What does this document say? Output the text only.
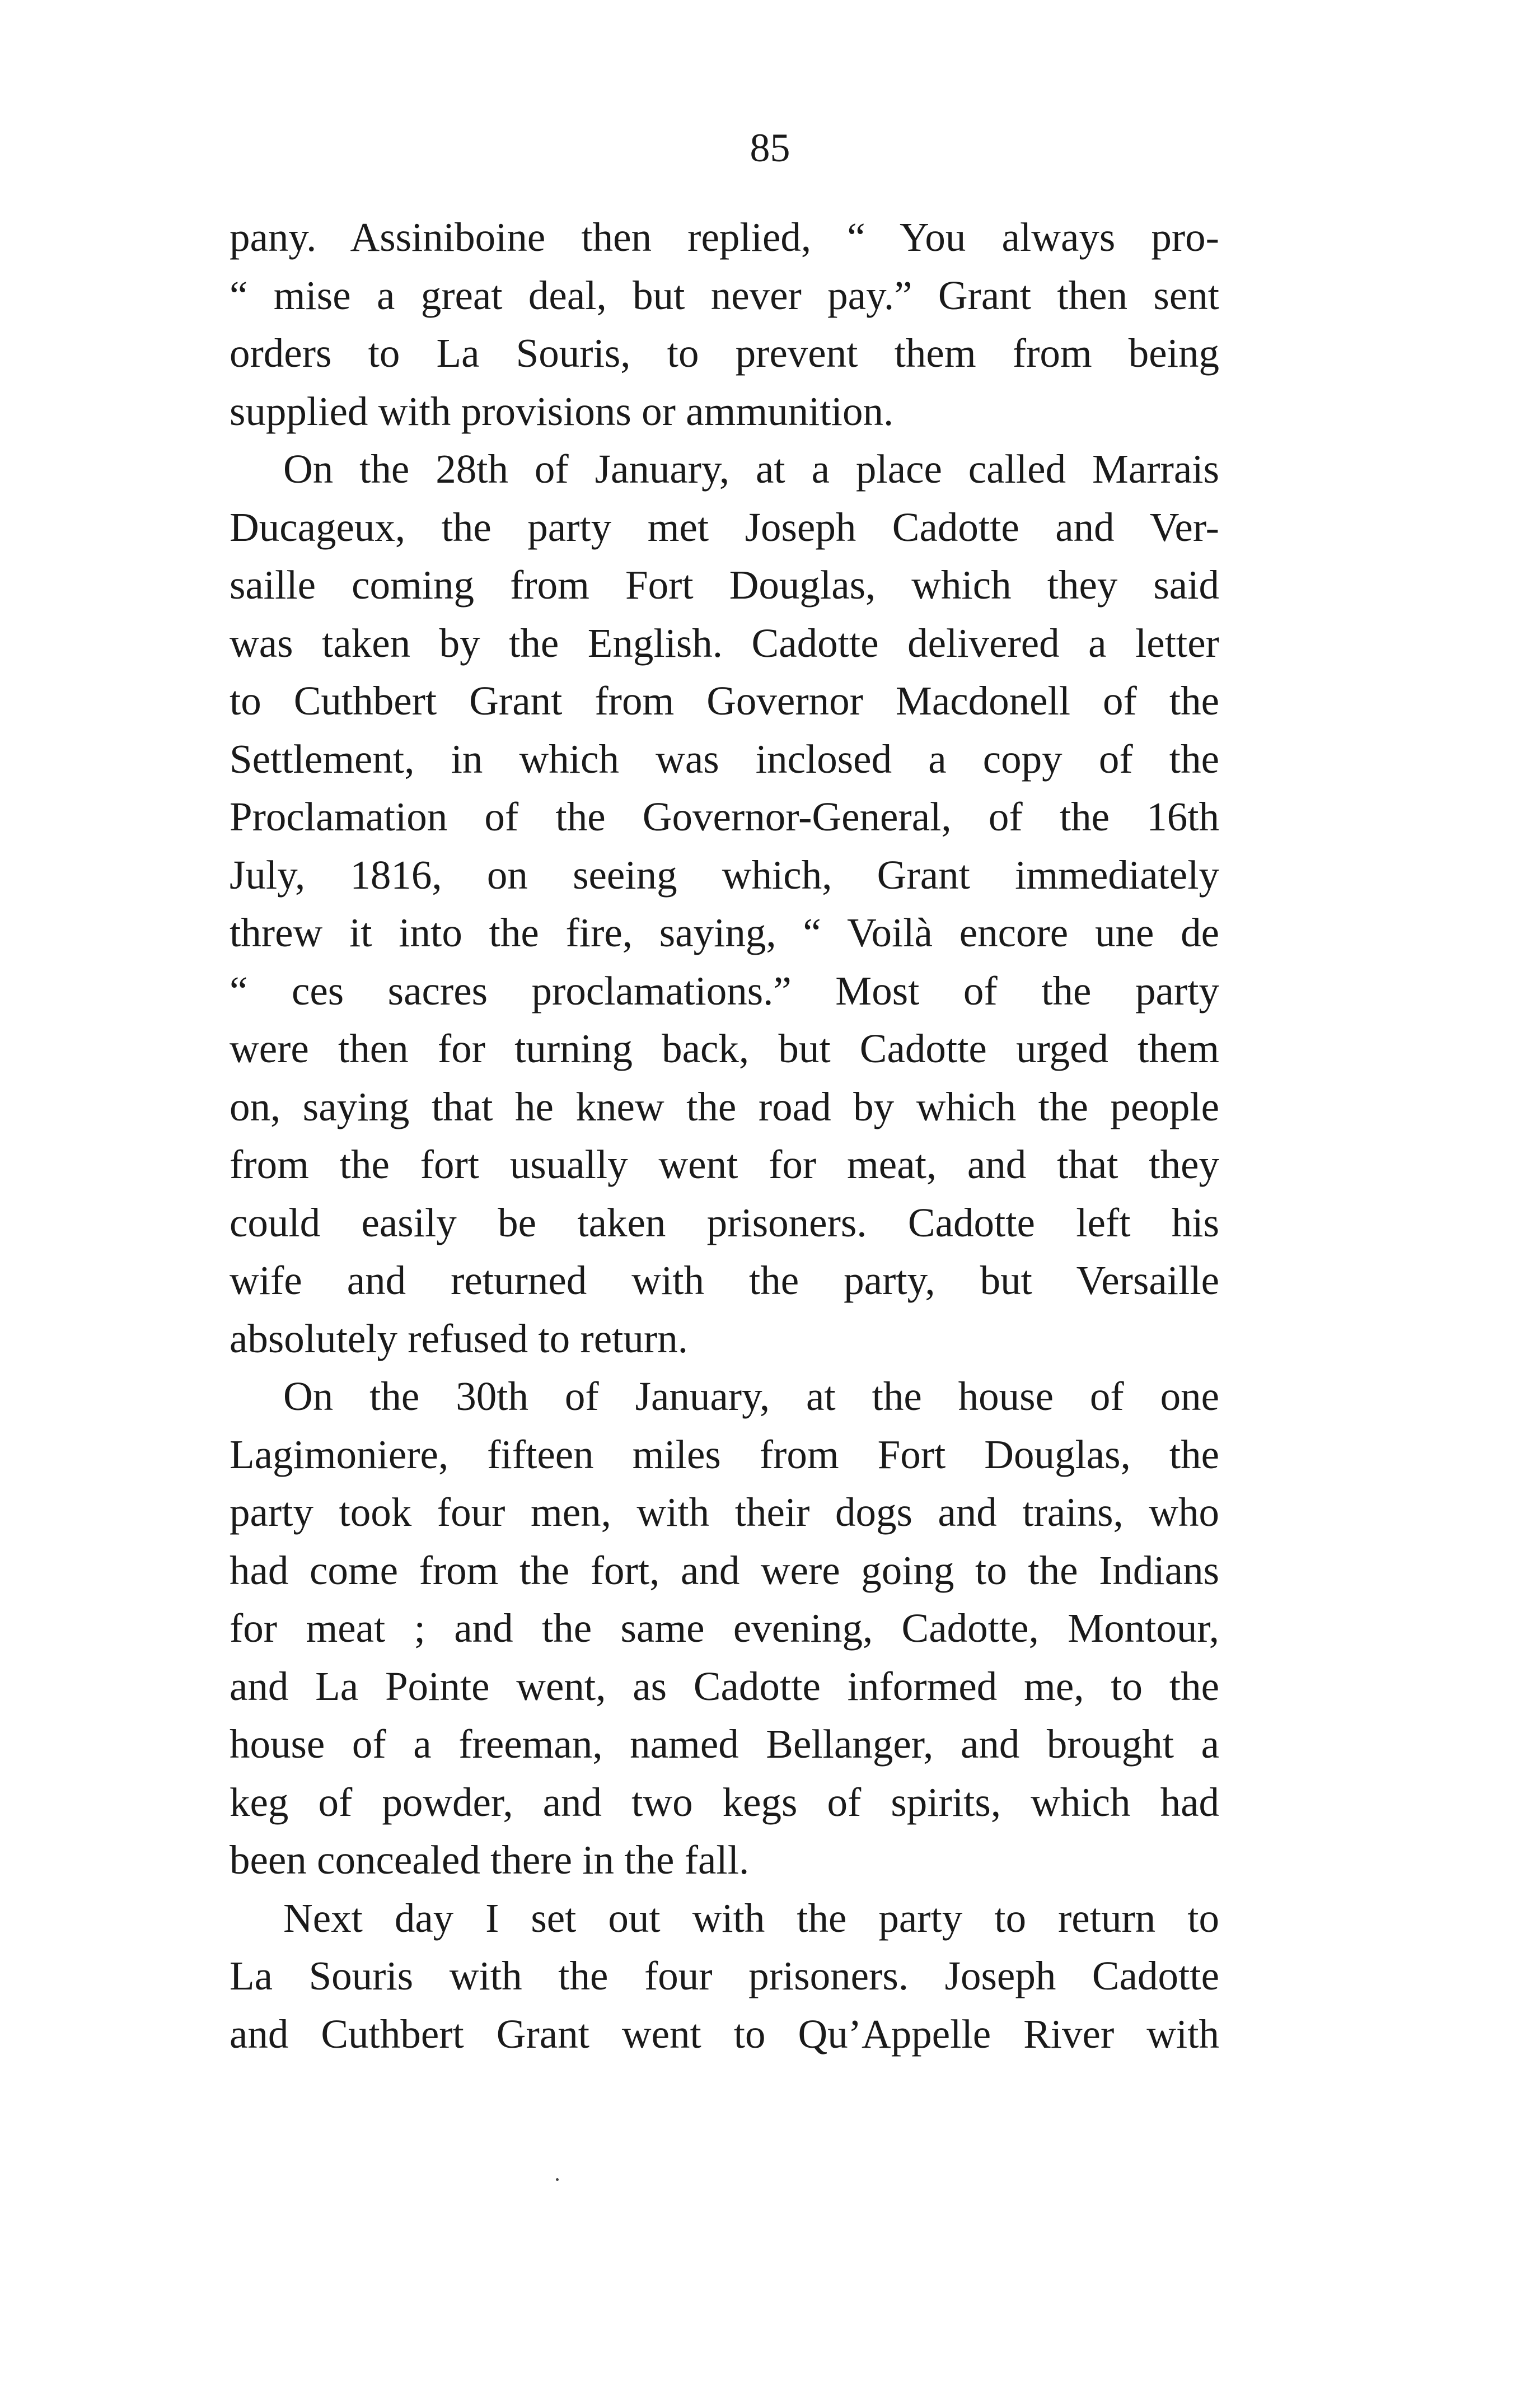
85
pany. Assiniboine then replied, “ You always pro-
“ mise a great deal, but never pay.” Grant then sent
orders to La Souris, to prevent them from being
supplied with provisions or ammunition.
On the 28th of January, at a place called Marrais
Ducageux, the party met Joseph Cadotte and Ver-
saille coming from Fort Douglas, which they said
was taken by the English. Cadotte delivered a letter
to Cuthbert Grant from Governor Macdonell of the
Settlement, in which was inclosed a copy of the
Proclamation of the Governor-General, of the 16th
July, 1816, on seeing which, Grant immediately
threw it into the fire, saying, “ Voilà encore une de
“ ces sacres proclamations.” Most of the party
were then for turning back, but Cadotte urged them
on, saying that he knew the road by which the people
from the fort usually went for meat, and that they
could easily be taken prisoners. Cadotte left his
wife and returned with the party, but Versaille
absolutely refused to return.
On the 30th of January, at the house of one
Lagimoniere, fifteen miles from Fort Douglas, the
party took four men, with their dogs and trains, who
had come from the fort, and were going to the Indians
for meat ; and the same evening, Cadotte, Montour,
and La Pointe went, as Cadotte informed me, to the
house of a freeman, named Bellanger, and brought a
keg of powder, and two kegs of spirits, which had
been concealed there in the fall.
Next day I set out with the party to return to
La Souris with the four prisoners. Joseph Cadotte
and Cuthbert Grant went to Qu’Appelle River with
